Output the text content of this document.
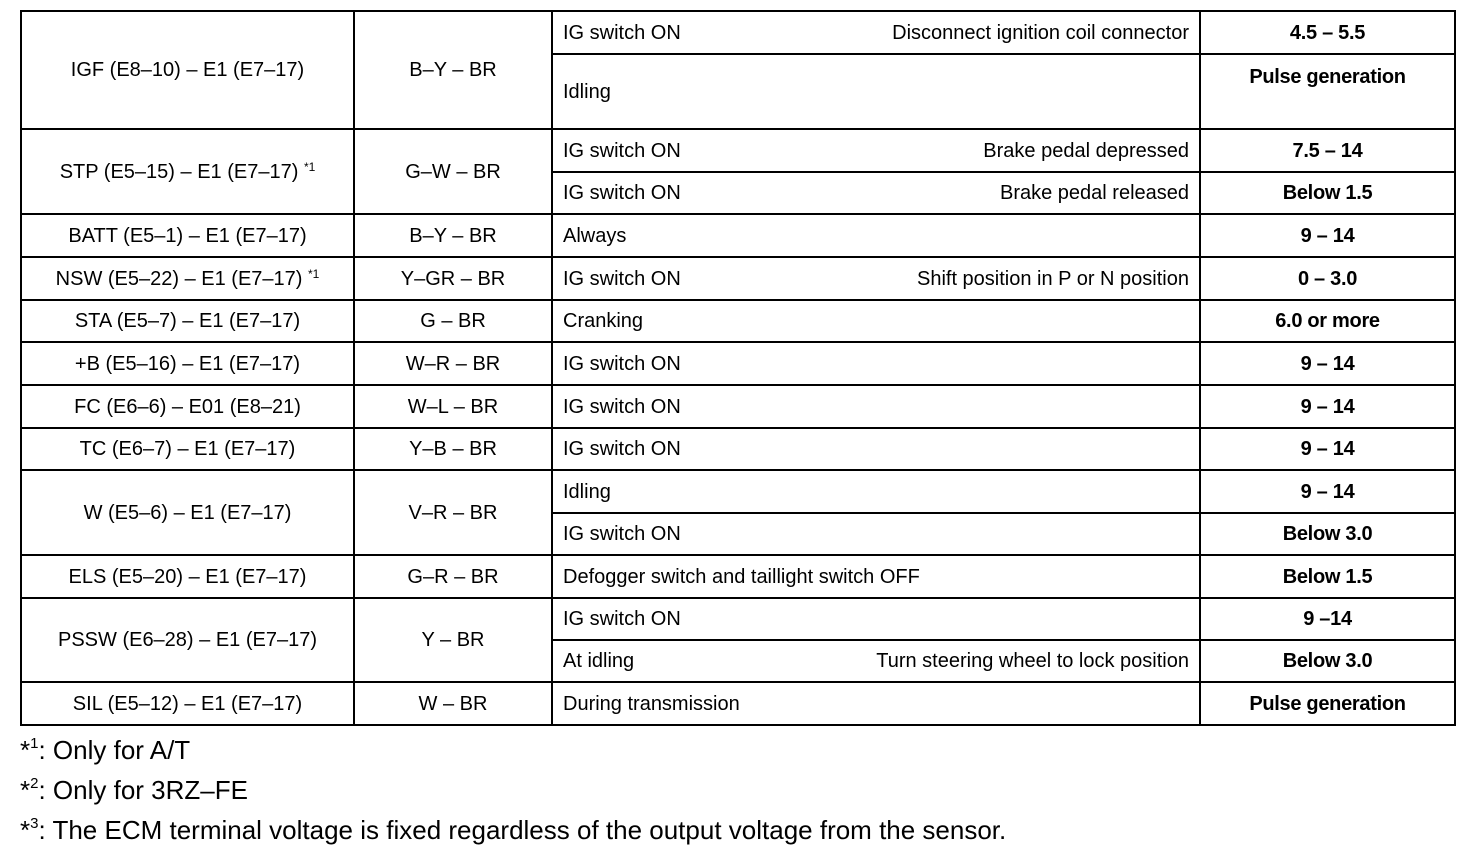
IGF (E8–10) – E1 (E7–17)	B–Y – BR	IG switch ON Disconnect ignition coil connector	4.5 – 5.5

		Idling	Pulse generation
STP (E5–15) – E1 (E7–17) $^{*1}$	G–W – BR	IG switch ON Brake pedal depressed	7.5 – 14

		IG switch ON Brake pedal released	Below 1.5
BATT (E5–1) – E1 (E7–17)	B–Y – BR	Always	9 – 14
NSW (E5–22) – E1 (E7–17) $^{*1}$	Y–GR – BR	IG switch ON Shift position in P or N position	0 – 3.0
STA (E5–7) – E1 (E7–17)	G – BR	Cranking	6.0 or more
+B (E5–16) – E1 (E7–17)	W–R – BR	IG switch ON	9 – 14
FC (E6–6) – E01 (E8–21)	W–L – BR	IG switch ON	9 – 14
TC (E6–7) – E1 (E7–17)	Y–B – BR	IG switch ON	9 – 14
W (E5–6) – E1 (E7–17)	V–R – BR	Idling	9 – 14

		IG switch ON	Below 3.0
ELS (E5–20) – E1 (E7–17)	G–R – BR	Defogger switch and taillight switch OFF	Below 1.5
PSSW (E6–28) – E1 (E7–17)	Y – BR	IG switch ON	9 –14

		At idling Turn steering wheel to lock position	Below 3.0
SIL (E5–12) – E1 (E7–17)	W – BR	During transmission	Pulse generation
*$^1$: Only for A/T
*$^2$: Only for 3RZ–FE
*$^3$: The ECM terminal voltage is fixed regardless of the output voltage from the sensor.
